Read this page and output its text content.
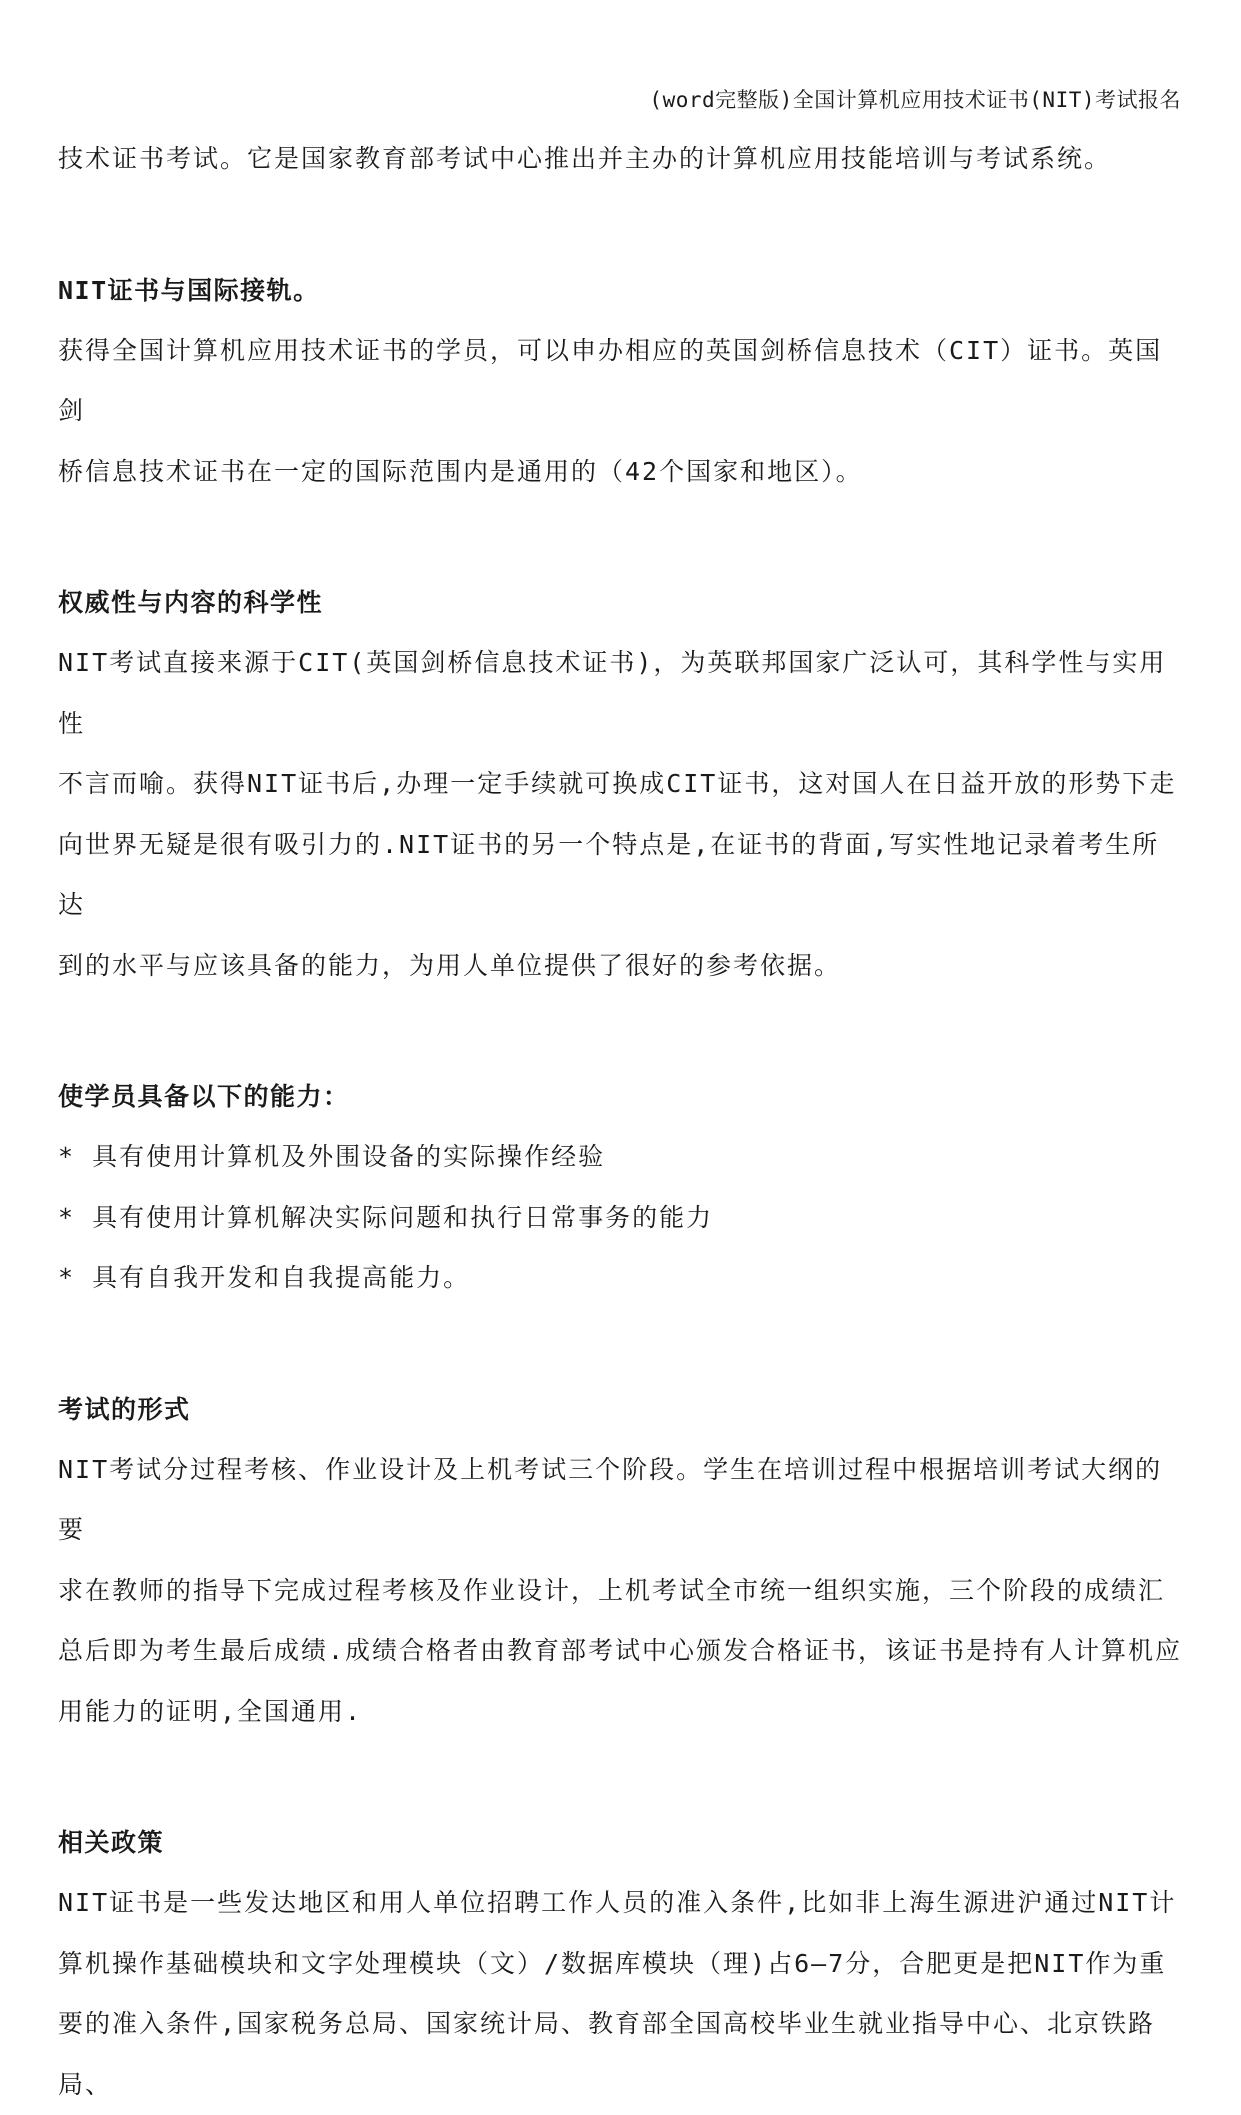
(word完整版)全国计算机应用技术证书(NIT)考试报名

技术证书考试。它是国家教育部考试中心推出并主办的计算机应用技能培训与考试系统。

NIT证书与国际接轨。

获得全国计算机应用技术证书的学员，可以申办相应的英国剑桥信息技术（CIT）证书。英国剑

桥信息技术证书在一定的国际范围内是通用的（42个国家和地区）。

权威性与内容的科学性

NIT考试直接来源于CIT(英国剑桥信息技术证书)，为英联邦国家广泛认可，其科学性与实用性

不言而喻。获得NIT证书后,办理一定手续就可换成CIT证书，这对国人在日益开放的形势下走

向世界无疑是很有吸引力的.NIT证书的另一个特点是,在证书的背面,写实性地记录着考生所达

到的水平与应该具备的能力，为用人单位提供了很好的参考依据。

使学员具备以下的能力：

* 具有使用计算机及外围设备的实际操作经验

* 具有使用计算机解决实际问题和执行日常事务的能力

* 具有自我开发和自我提高能力。

考试的形式

NIT考试分过程考核、作业设计及上机考试三个阶段。学生在培训过程中根据培训考试大纲的要

求在教师的指导下完成过程考核及作业设计，上机考试全市统一组织实施，三个阶段的成绩汇

总后即为考生最后成绩.成绩合格者由教育部考试中心颁发合格证书，该证书是持有人计算机应

用能力的证明,全国通用.

相关政策

NIT证书是一些发达地区和用人单位招聘工作人员的准入条件,比如非上海生源进沪通过NIT计

算机操作基础模块和文字处理模块（文）/数据库模块（理)占6—7分，合肥更是把NIT作为重

要的准入条件,国家税务总局、国家统计局、教育部全国高校毕业生就业指导中心、北京铁路局、
